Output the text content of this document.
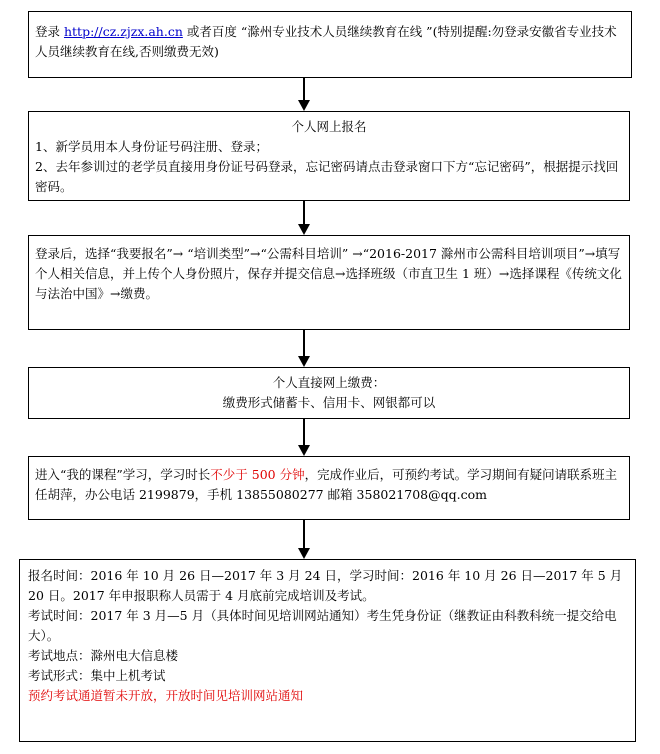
登录 http://cz.zjzx.ah.cn 或者百度 “滁州专业技术人员继续教育在线 ”(特别提醒:勿登录安徽省专业技术人员继续教育在线,否则缴费无效)
个人网上报名
1、新学员用本人身份证号码注册、登录；
2、去年参训过的老学员直接用身份证号码登录，忘记密码请点击登录窗口下方“忘记密码”，根据提示找回密码。
登录后，选择“我要报名”→ “培训类型”→“公需科目培训” →“2016-2017 滁州市公需科目培训项目”→填写个人相关信息，并上传个人身份照片，保存并提交信息→选择班级（市直卫生 1 班）→选择课程《传统文化与法治中国》→缴费。
个人直接网上缴费：
缴费形式储蓄卡、信用卡、网银都可以
进入“我的课程”学习，学习时长不少于 500 分钟，完成作业后，可预约考试。学习期间有疑问请联系班主任胡萍，办公电话 2199879，手机 13855080277 邮箱 358021708@qq.com
报名时间：2016 年 10 月 26 日—2017 年 3 月 24 日，学习时间：2016 年 10 月 26 日—2017 年 5 月 20 日。2017 年申报职称人员需于 4 月底前完成培训及考试。
考试时间：2017 年 3 月—5 月（具体时间见培训网站通知）考生凭身份证（继教证由科教科统一提交给电大）。
考试地点：滁州电大信息楼
考试形式：集中上机考试
预约考试通道暂未开放，开放时间见培训网站通知
